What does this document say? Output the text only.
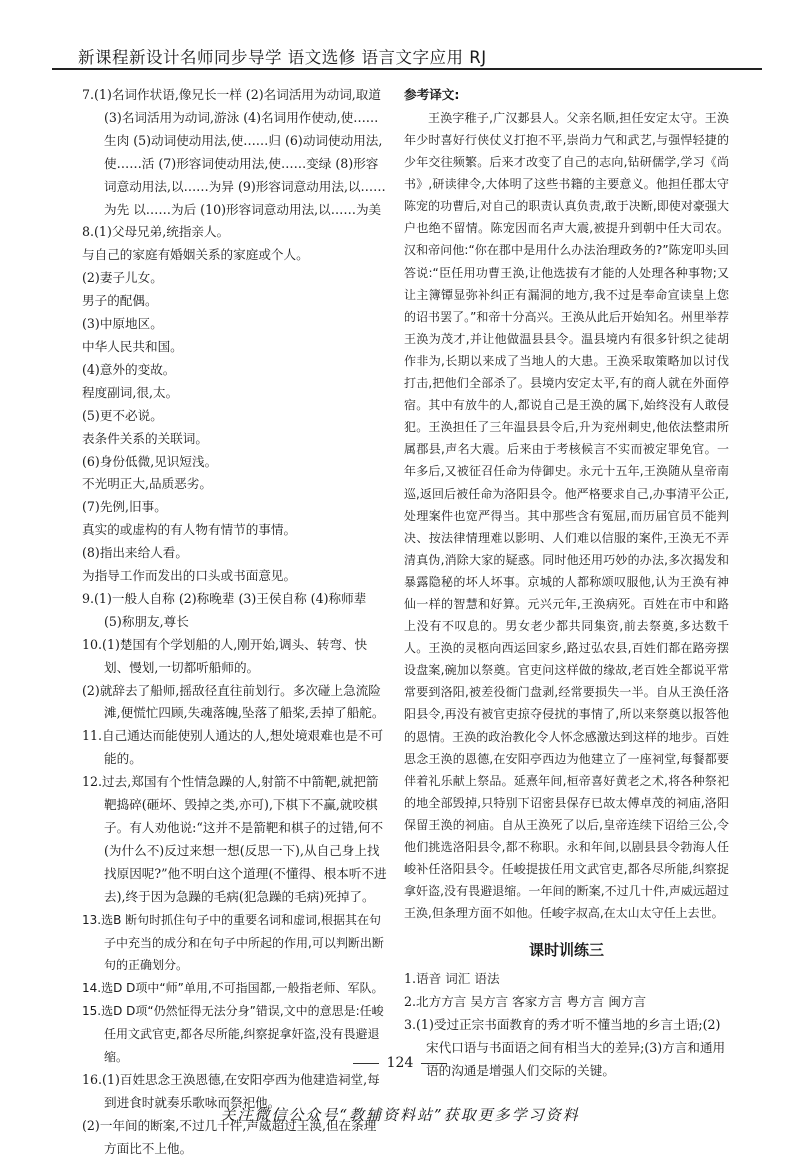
新课程新设计名师同步导学 语文选修 语言文字应用 RJ

7.(1)名词作状语,像兄长一样 (2)名词活用为动词,取道 (3)名词活用为动词,游泳 (4)名词用作使动,使……生肉 (5)动词使动用法,使……归 (6)动词使动用法,使……活 (7)形容词使动用法,使……变绿 (8)形容词意动用法,以……为异 (9)形容词意动用法,以……为先 以……为后 (10)形容词意动用法,以……为美

8.(1)父母兄弟,统指亲人。

与自己的家庭有婚姻关系的家庭或个人。

(2)妻子儿女。

男子的配偶。

(3)中原地区。

中华人民共和国。

(4)意外的变故。

程度副词,很,太。

(5)更不必说。

表条件关系的关联词。

(6)身份低微,见识短浅。

不光明正大,品质恶劣。

(7)先例,旧事。

真实的或虚构的有人物有情节的事情。

(8)指出来给人看。

为指导工作而发出的口头或书面意见。

9.(1)一般人自称 (2)称晚辈 (3)王侯自称 (4)称师辈 (5)称朋友,尊长

10.(1)楚国有个学划船的人,刚开始,调头、转弯、快划、慢划,一切都听船师的。

(2)就辞去了船师,摇敌径直往前划行。多次碰上急流险滩,便慌忙四顾,失魂落魄,坠落了船桨,丢掉了船舵。

11.自己通达而能使别人通达的人,想处境艰难也是不可能的。

12.过去,郑国有个性情急躁的人,射箭不中箭靶,就把箭靶捣碎(砸坏、毁掉之类,亦可),下棋下不赢,就咬棋子。有人劝他说:“这并不是箭靶和棋子的过错,何不(为什么不)反过来想一想(反思一下),从自己身上找找原因呢?”他不明白这个道理(不懂得、根本听不进去),终于因为急躁的毛病(犯急躁的毛病)死掉了。

13.选B 断句时抓住句子中的重要名词和虚词,根据其在句子中充当的成分和在句子中所起的作用,可以判断出断句的正确划分。

14.选D D项中“师”单用,不可指国都,一般指老师、军队。

15.选D D项“仍然怔得无法分身”错误,文中的意思是:任峻任用文武官吏,都各尽所能,纠察捉拿奸盗,没有畏避退缩。

16.(1)百姓思念王涣恩德,在安阳亭西为他建造祠堂,每到进食时就奏乐歌咏而祭祀他。

(2)一年间的断案,不过几十件,声威超过王涣,但在条理方面比不上他。

参考译文:

王涣字稚子,广汉郪县人。父亲名顺,担任安定太守。王涣年少时喜好行侠仗义打抱不平,崇尚力气和武艺,与强悍轻捷的少年交往频繁。后来才改变了自己的志向,钻研儒学,学习《尚书》,研读律令,大体明了这些书籍的主要意义。他担任郡太守陈宠的功曹后,对自己的职责认真负责,敢于决断,即使对豪强大户也绝不留情。陈宠因而名声大震,被提升到朝中任大司农。汉和帝问他:“你在郡中是用什么办法治理政务的?”陈宠叩头回答说:“臣任用功曹王涣,让他选拔有才能的人处理各种事物;又让主簿镡显弥补纠正有漏洞的地方,我不过是奉命宣读皇上您的诏书罢了。”和帝十分高兴。王涣从此后开始知名。州里举荐王涣为茂才,并让他做温县县令。温县境内有很多针织之徒胡作非为,长期以来成了当地人的大患。王涣采取策略加以讨伐打击,把他们全部杀了。县境内安定太平,有的商人就在外面停宿。其中有放牛的人,都说自己是王涣的属下,始终没有人敢侵犯。王涣担任了三年温县县令后,升为兖州刺史,他依法整肃所属郡县,声名大震。后来由于考核候言不实而被定罪免官。一年多后,又被征召任命为侍御史。永元十五年,王涣随从皇帝南巡,返回后被任命为洛阳县令。他严格要求自己,办事清平公正,处理案件也宽严得当。其中那些含有冤屈,而历届官员不能判决、按法律情理难以影明、人们难以信服的案件,王涣无不弄清真伪,消除大家的疑惑。同时他还用巧妙的办法,多次揭发和暴露隐秘的坏人坏事。京城的人都称颂叹服他,认为王涣有神仙一样的智慧和好算。元兴元年,王涣病死。百姓在市中和路上没有不叹息的。男女老少都共同集资,前去祭奠,多达数千人。王涣的灵柩向西运回家乡,路过弘农县,百姓们都在路旁摆设盘案,碗加以祭奠。官吏问这样做的缘故,老百姓全都说平常常要到洛阳,被差役衙门盘剥,经常要损失一半。自从王涣任洛阳县令,再没有被官吏掠夺侵扰的事情了,所以来祭奠以报答他的恩情。王涣的政治教化令人怀念感激达到这样的地步。百姓思念王涣的恩德,在安阳亭西边为他建立了一座祠堂,每餐都要伴着礼乐献上祭品。延熹年间,桓帝喜好黄老之术,将各种祭祀的地全部毁掉,只特别下诏密县保存已故太傅卓茂的祠庙,洛阳保留王涣的祠庙。自从王涣死了以后,皇帝连续下诏给三公,令他们挑选洛阳县令,都不称职。永和年间,以剧县县令勃海人任峻补任洛阳县令。任峻提拔任用文武官吏,都各尽所能,纠察捉拿奸盗,没有畏避退缩。一年间的断案,不过几十件,声威远超过王涣,但条理方面不如他。任峻字叔高,在太山太守任上去世。

课时训练三

1.语音 词汇 语法

2.北方方言 吴方言 客家方言 粤方言 闽方言

3.(1)受过正宗书面教育的秀才听不懂当地的乡言土语;(2)宋代口语与书面语之间有相当大的差异;(3)方言和通用语的沟通是增强人们交际的关键。

124
关注微信公众号“教辅资料站”获取更多学习资料
